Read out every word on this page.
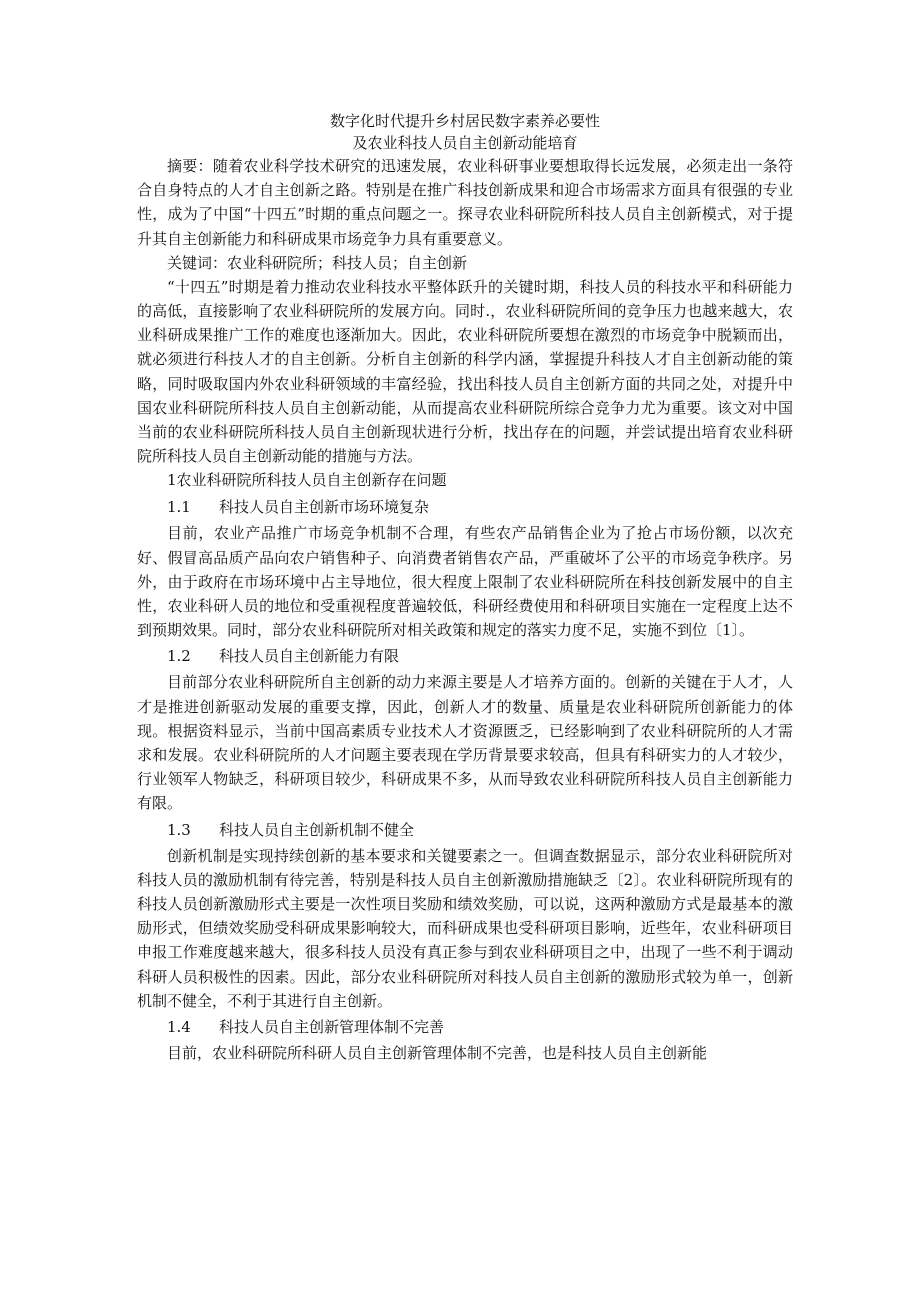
数字化时代提升乡村居民数字素养必要性

及农业科技人员自主创新动能培育

摘要：随着农业科学技术研究的迅速发展，农业科研事业要想取得长远发展，必须走出一条符合自身特点的人才自主创新之路。特别是在推广科技创新成果和迎合市场需求方面具有很强的专业性，成为了中国“十四五”时期的重点问题之一。探寻农业科研院所科技人员自主创新模式，对于提升其自主创新能力和科研成果市场竞争力具有重要意义。

关键词：农业科研院所；科技人员；自主创新

“十四五”时期是着力推动农业科技水平整体跃升的关键时期，科技人员的科技水平和科研能力的高低，直接影响了农业科研院所的发展方向。同时.，农业科研院所间的竞争压力也越来越大，农业科研成果推广工作的难度也逐渐加大。因此，农业科研院所要想在激烈的市场竞争中脱颖而出，就必须进行科技人才的自主创新。分析自主创新的科学内涵，掌握提升科技人才自主创新动能的策略，同时吸取国内外农业科研领域的丰富经验，找出科技人员自主创新方面的共同之处，对提升中国农业科研院所科技人员自主创新动能，从而提高农业科研院所综合竞争力尤为重要。该文对中国当前的农业科研院所科技人员自主创新现状进行分析，找出存在的问题，并尝试提出培育农业科研院所科技人员自主创新动能的措施与方法。

1农业科研院所科技人员自主创新存在问题

1.1 科技人员自主创新市场环境复杂

目前，农业产品推广市场竞争机制不合理，有些农产品销售企业为了抢占市场份额，以次充好、假冒高品质产品向农户销售种子、向消费者销售农产品，严重破坏了公平的市场竞争秩序。另外，由于政府在市场环境中占主导地位，很大程度上限制了农业科研院所在科技创新发展中的自主性，农业科研人员的地位和受重视程度普遍较低，科研经费使用和科研项目实施在一定程度上达不到预期效果。同时，部分农业科研院所对相关政策和规定的落实力度不足，实施不到位〔1〕。

1.2 科技人员自主创新能力有限

目前部分农业科研院所自主创新的动力来源主要是人才培养方面的。创新的关键在于人才，人才是推进创新驱动发展的重要支撑，因此，创新人才的数量、质量是农业科研院所创新能力的体现。根据资料显示，当前中国高素质专业技术人才资源匮乏，已经影响到了农业科研院所的人才需求和发展。农业科研院所的人才问题主要表现在学历背景要求较高，但具有科研实力的人才较少，行业领军人物缺乏，科研项目较少，科研成果不多，从而导致农业科研院所科技人员自主创新能力有限。

1.3 科技人员自主创新机制不健全

创新机制是实现持续创新的基本要求和关键要素之一。但调查数据显示，部分农业科研院所对科技人员的激励机制有待完善，特别是科技人员自主创新激励措施缺乏〔2〕。农业科研院所现有的科技人员创新激励形式主要是一次性项目奖励和绩效奖励，可以说，这两种激励方式是最基本的激励形式，但绩效奖励受科研成果影响较大，而科研成果也受科研项目影响，近些年，农业科研项目申报工作难度越来越大，很多科技人员没有真正参与到农业科研项目之中，出现了一些不利于调动科研人员积极性的因素。因此，部分农业科研院所对科技人员自主创新的激励形式较为单一，创新机制不健全，不利于其进行自主创新。

1.4 科技人员自主创新管理体制不完善

目前，农业科研院所科研人员自主创新管理体制不完善，也是科技人员自主创新能
